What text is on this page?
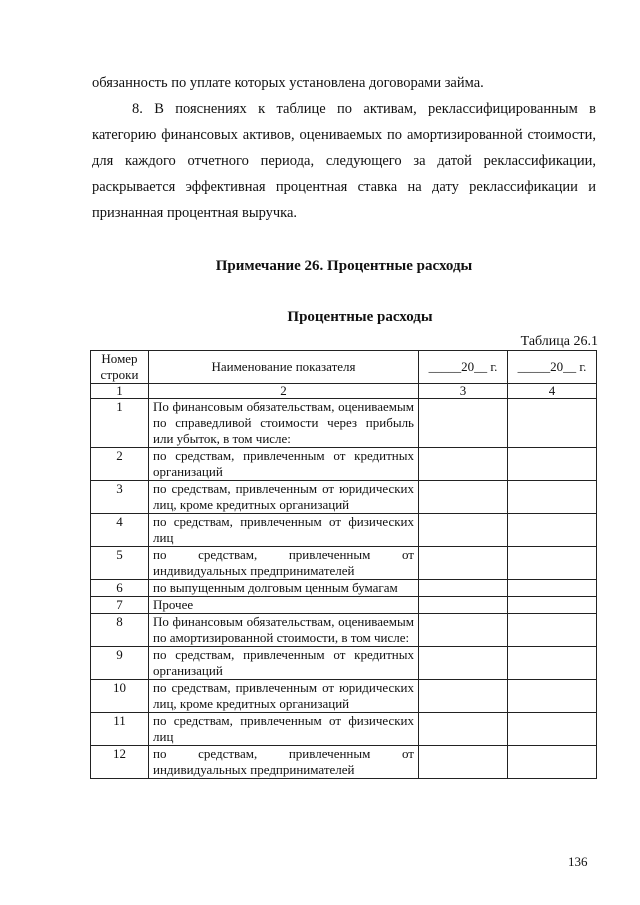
обязанность по уплате которых установлена договорами займа.
8. В пояснениях к таблице по активам, реклассифицированным в категорию финансовых активов, оцениваемых по амортизированной стоимости, для каждого отчетного периода, следующего за датой реклассификации, раскрывается эффективная процентная ставка на дату реклассификации и признанная процентная выручка.
Примечание 26. Процентные расходы
Процентные расходы
Таблица 26.1
Номер строки	Наименование показателя	_____20__ г.	_____20__ г.
1	2	3	4
1	По финансовым обязательствам, оцениваемым по справедливой стоимости через прибыль или убыток, в том числе:		
2	по средствам, привлеченным от кредитных организаций		
3	по средствам, привлеченным от юридических лиц, кроме кредитных организаций		
4	по средствам, привлеченным от физических лиц		
5	по средствам, привлеченным от индивидуальных предпринимателей		
6	по выпущенным долговым ценным бумагам		
7	Прочее		
8	По финансовым обязательствам, оцениваемым по амортизированной стоимости, в том числе:		
9	по средствам, привлеченным от кредитных организаций		
10	по средствам, привлеченным от юридических лиц, кроме кредитных организаций		
11	по средствам, привлеченным от физических лиц		
12	по средствам, привлеченным от индивидуальных предпринимателей		
136
